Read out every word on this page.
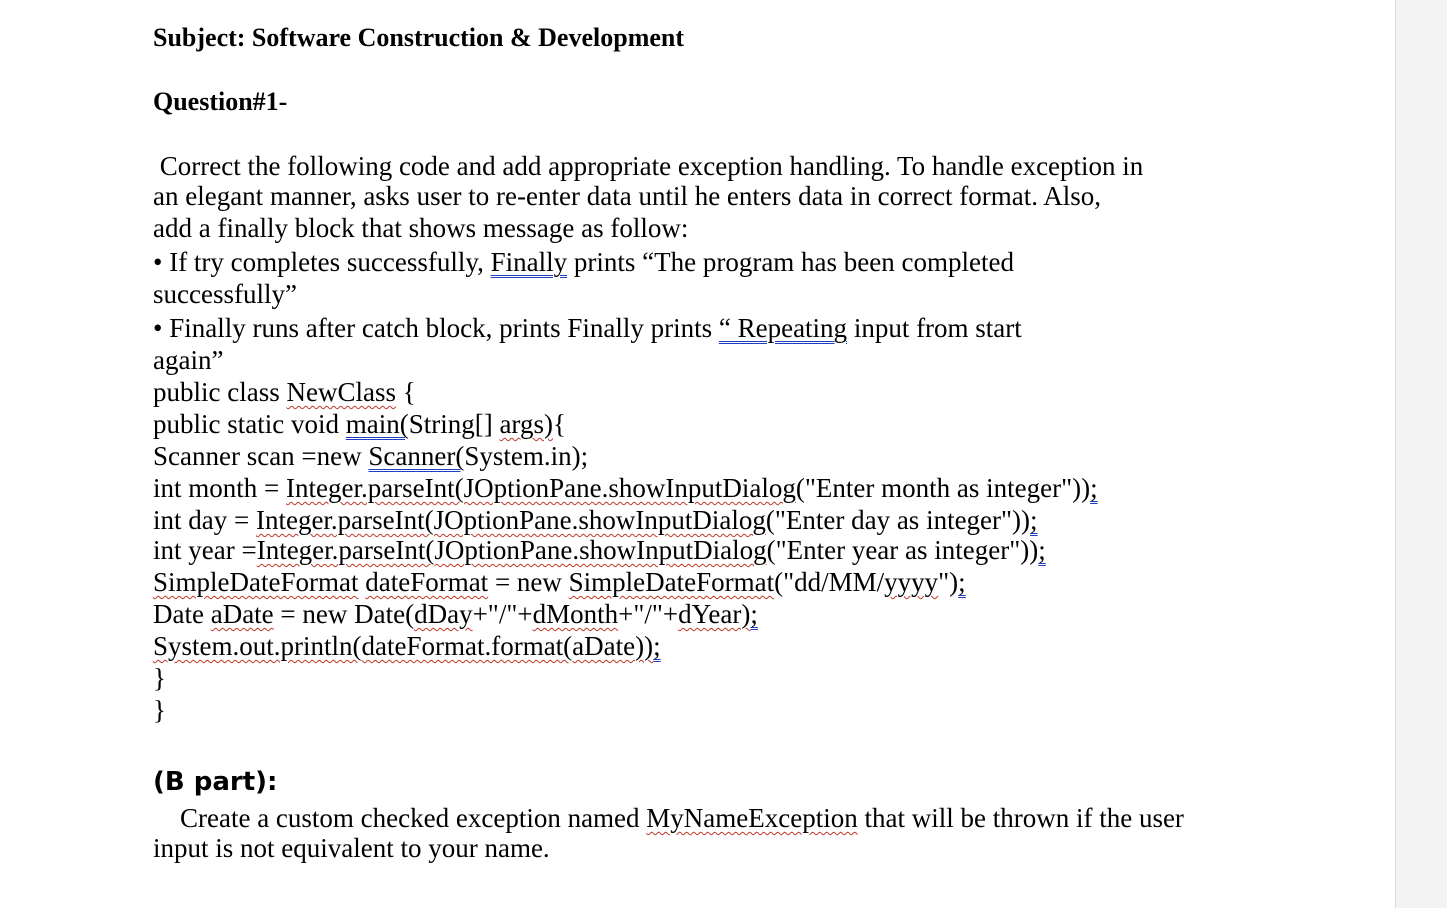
Subject: Software Construction & Development
Question#1-
Correct the following code and add appropriate exception handling. To handle exception in
an elegant manner, asks user to re-enter data until he enters data in correct format. Also,
add a finally block that shows message as follow:
• If try completes successfully, Finally prints “The program has been completed
successfully”
• Finally runs after catch block, prints Finally prints “ Repeating input from start
again”
public class NewClass {
public static void main(String[] args){
Scanner scan =new Scanner(System.in);
int month = Integer.parseInt(JOptionPane.showInputDialog("Enter month as integer"));
int day = Integer.parseInt(JOptionPane.showInputDialog("Enter day as integer"));
int year =Integer.parseInt(JOptionPane.showInputDialog("Enter year as integer"));
SimpleDateFormat dateFormat = new SimpleDateFormat("dd/MM/yyyy");
Date aDate = new Date(dDay+"/"+dMonth+"/"+dYear);
System.out.println(dateFormat.format(aDate));
}
}
(B part):
Create a custom checked exception named MyNameException that will be thrown if the user
input is not equivalent to your name.
